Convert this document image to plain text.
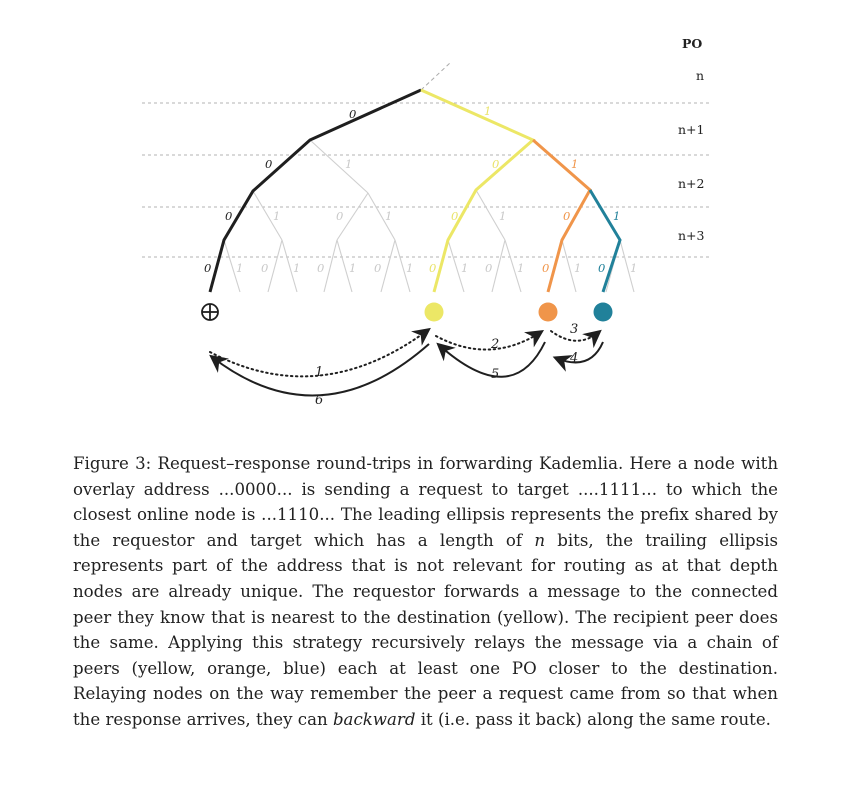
PO
n
n+1
n+2
n+3
0	1
0	1	0	1
0	1	0	1	0	1	0	1
0 1 0 1 0 1 0 1 0 1 0 1 0 1 0 1
1
2
3
4
5
6

Figure 3: Request–response round-trips in forwarding Kademlia. Here a node with overlay address ...0000... is sending a request to target ....1111... to which the closest online node is ...1110... The leading ellipsis represents the prefix shared by the requestor and target which has a length of n bits, the trailing ellipsis represents part of the address that is not relevant for routing as at that depth nodes are already unique. The requestor forwards a message to the connected peer they know that is nearest to the destination (yellow). The recipient peer does the same. Applying this strategy recursively relays the message via a chain of peers (yellow, orange, blue) each at least one PO closer to the destination. Relaying nodes on the way remember the peer a request came from so that when the response arrives, they can backward it (i.e. pass it back) along the same route.
